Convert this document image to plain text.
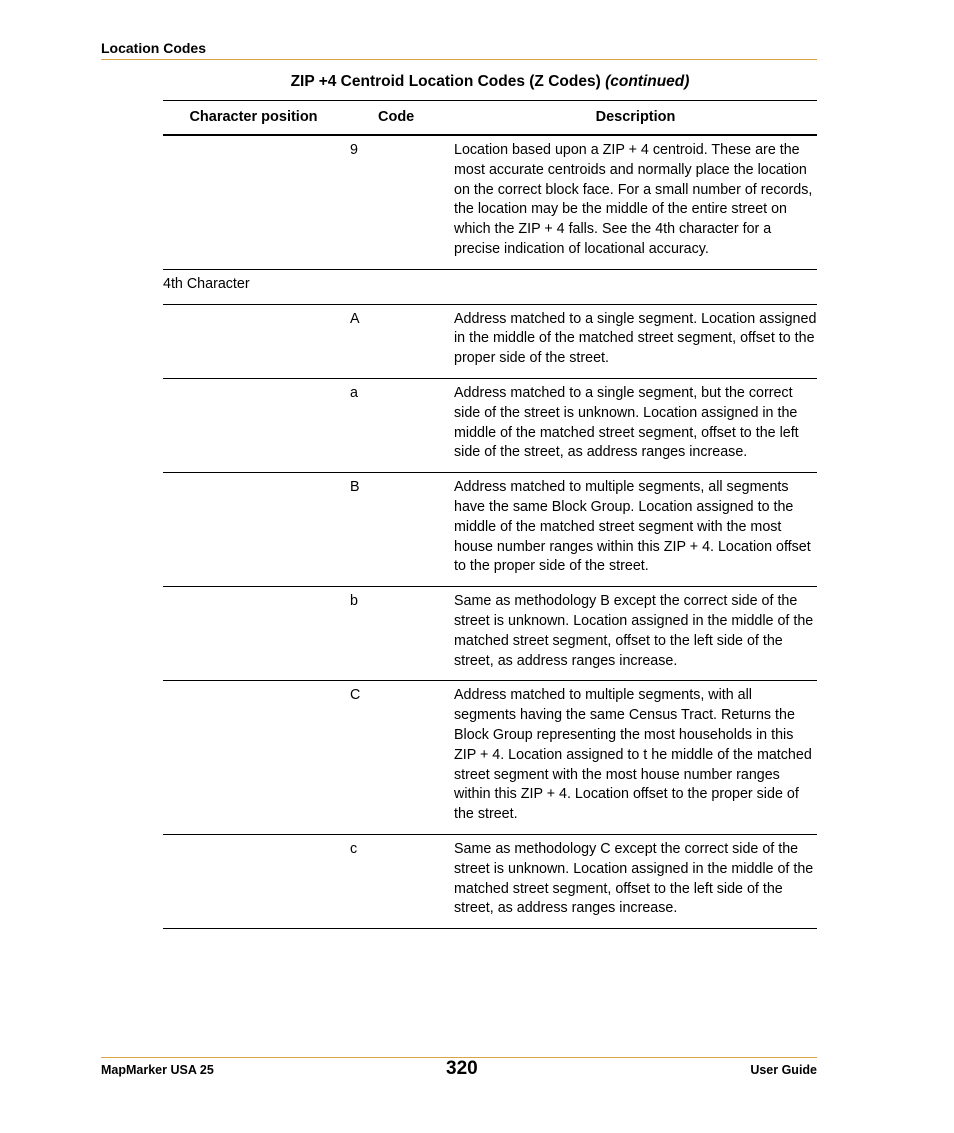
Location Codes
ZIP +4 Centroid Location Codes (Z Codes) (continued)
Character position	Code	Description
	9	Location based upon a ZIP + 4 centroid. These are the most accurate centroids and normally place the location on the correct block face. For a small number of records, the location may be the middle of the entire street on which the ZIP + 4 falls. See the 4th character for a precise indication of locational accuracy.
4th Character		
	A	Address matched to a single segment. Location assigned in the middle of the matched street segment, offset to the proper side of the street.
	a	Address matched to a single segment, but the correct side of the street is unknown. Location assigned in the middle of the matched street segment, offset to the left side of the street, as address ranges increase.
	B	Address matched to multiple segments, all segments have the same Block Group. Location assigned to the middle of the matched street segment with the most house number ranges within this ZIP + 4. Location offset to the proper side of the street.
	b	Same as methodology B except the correct side of the street is unknown. Location assigned in the middle of the matched street segment, offset to the left side of the street, as address ranges increase.
	C	Address matched to multiple segments, with all segments having the same Census Tract. Returns the Block Group representing the most households in this ZIP + 4. Location assigned to t he middle of the matched street segment with the most house number ranges within this ZIP + 4. Location offset to the proper side of the street.
	c	Same as methodology C except the correct side of the street is unknown. Location assigned in the middle of the matched street segment, offset to the left side of the street, as address ranges increase.
MapMarker USA 25	320	User Guide
